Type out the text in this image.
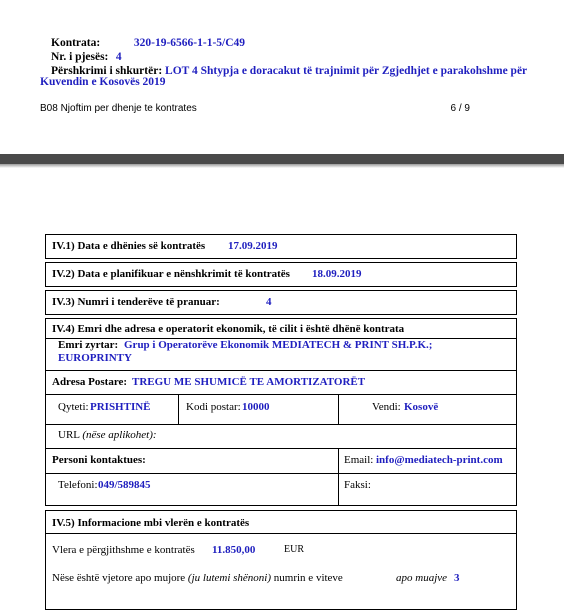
Kontrata:	320-19-6566-1-1-5/C49
Nr. i pjesës: 4
Përshkrimi i shkurtër: LOT 4 Shtypja e doracakut të trajnimit për Zgjedhjet e parakohshme për
Kuvendin e Kosovës 2019
B08 Njoftim per dhenje te kontrates	6 / 9
IV.1) Data e dhënies së kontratës 17.09.2019
IV.2) Data e planifikuar e nënshkrimit të kontratës 18.09.2019
IV.3) Numri i tenderëve të pranuar:	4
IV.4) Emri dhe adresa e operatorit ekonomik, të cilit i është dhënë kontrata
Emri zyrtar: Grup i Operatorëve Ekonomik MEDIATECH & PRINT SH.P.K.;
EUROPRINTY
Adresa Postare: TREGU ME SHUMICË TE AMORTIZATORËT
Qyteti: PRISHTINË	Kodi postar: 10000	Vendi: Kosovë
URL (nëse aplikohet):
Personi kontaktues:	Email: info@mediatech-print.com
Telefoni: 049/589845	Faksi:
IV.5) Informacione mbi vlerën e kontratës
Vlera e përgjithshme e kontratës 11.850,00	EUR
Nëse është vjetore apo mujore (ju lutemi shënoni) numrin e viteve	apo muajve 3
